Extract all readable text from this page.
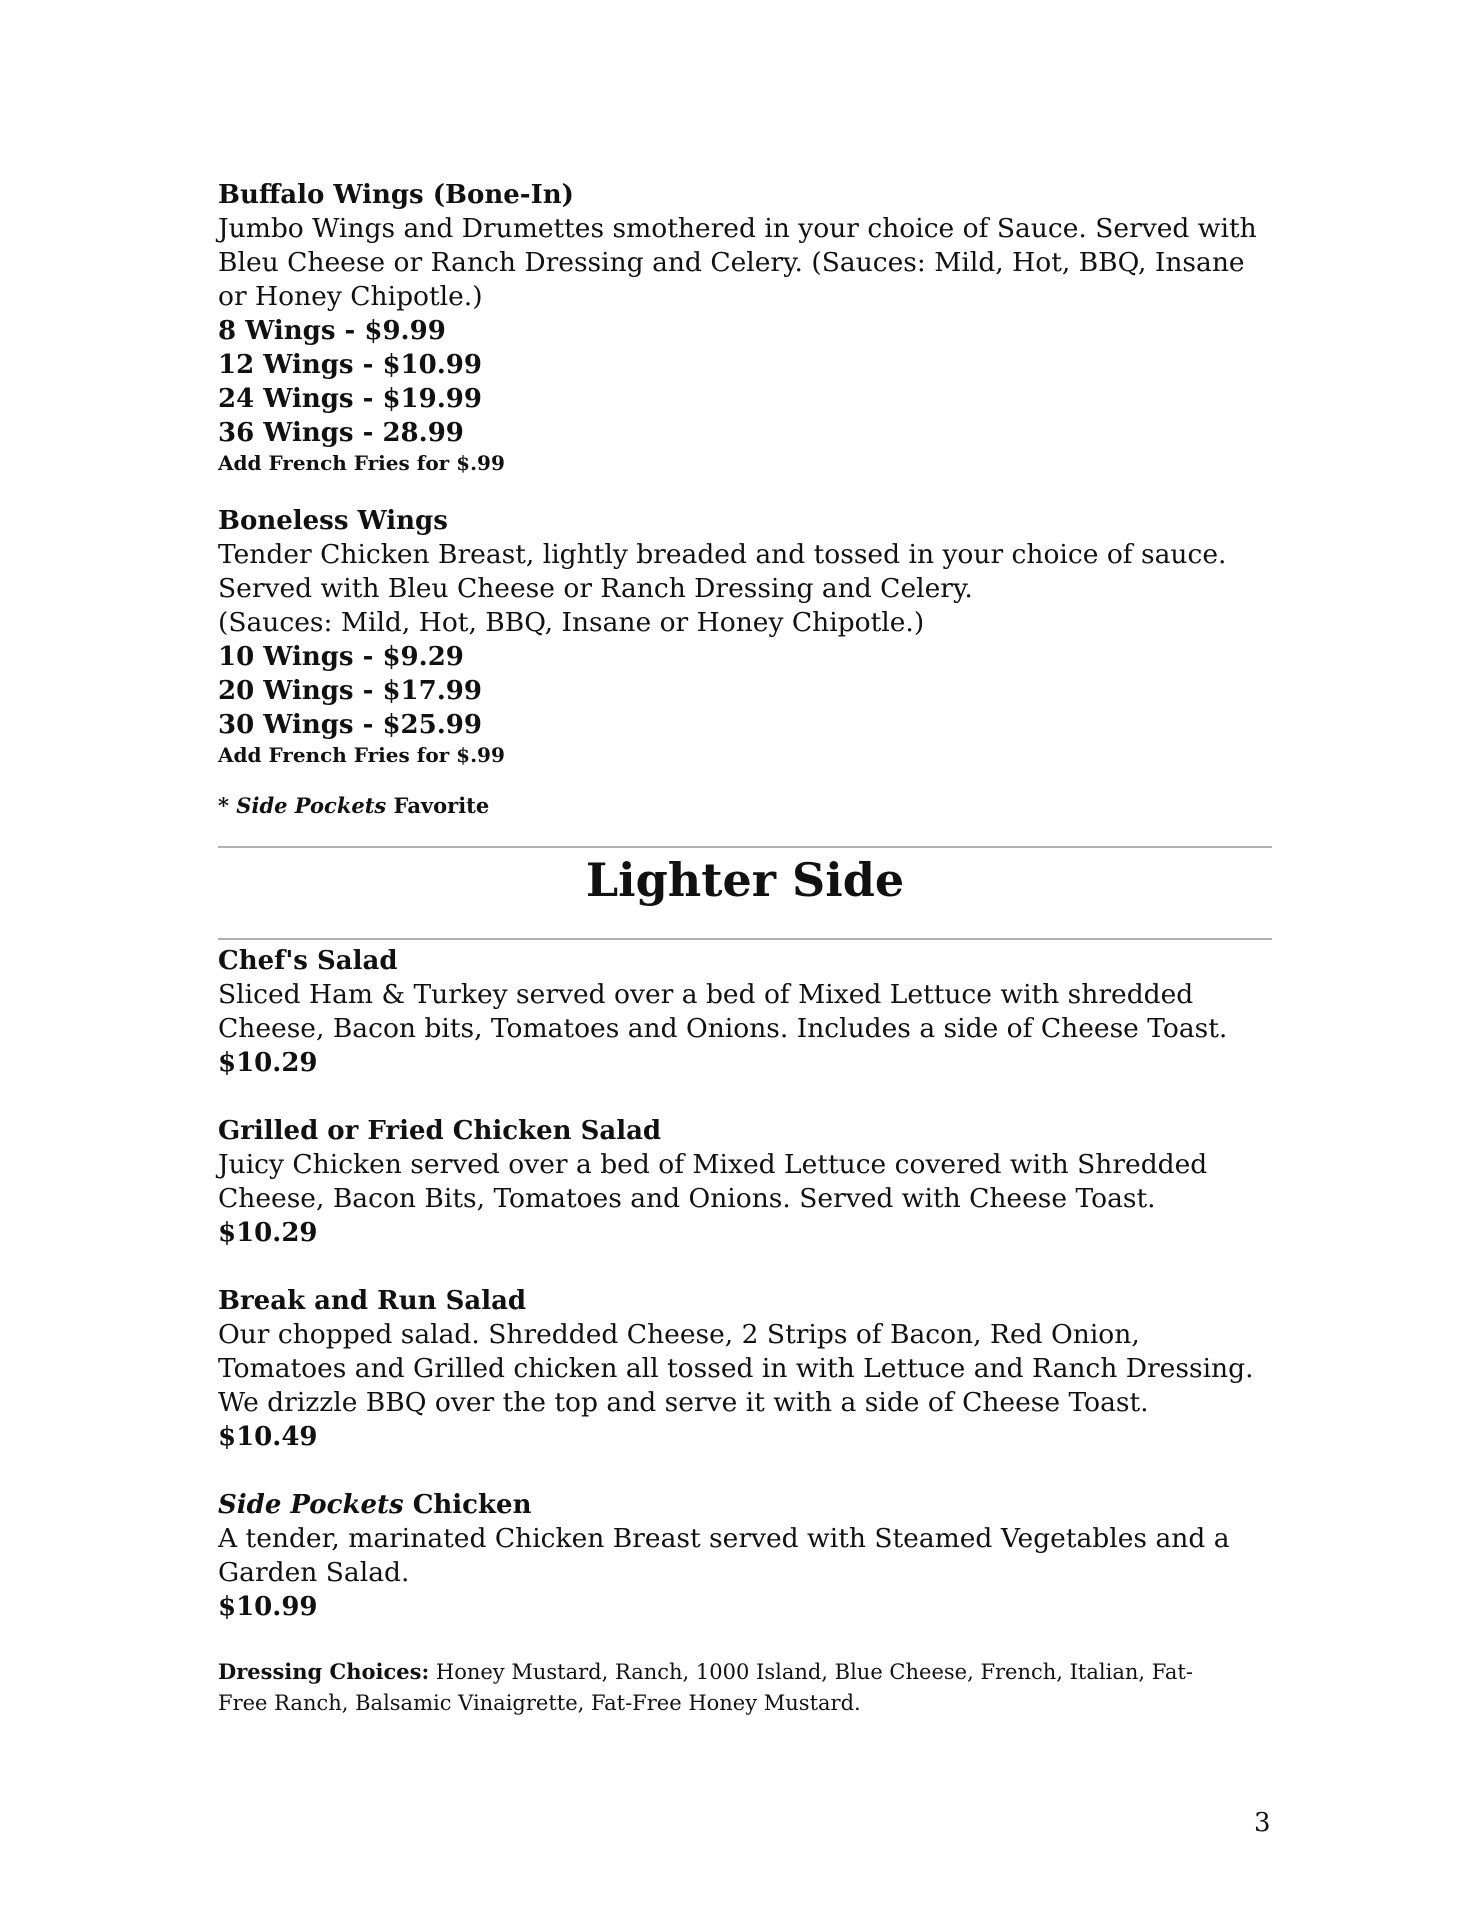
Buffalo Wings (Bone-In)

Jumbo Wings and Drumettes smothered in your choice of Sauce. Served with

Bleu Cheese or Ranch Dressing and Celery. (Sauces: Mild, Hot, BBQ, Insane

or Honey Chipotle.)

8 Wings - $9.99

12 Wings - $10.99

24 Wings - $19.99

36 Wings - 28.99

Add French Fries for $.99

Boneless Wings

Tender Chicken Breast, lightly breaded and tossed in your choice of sauce.

Served with Bleu Cheese or Ranch Dressing and Celery.

(Sauces: Mild, Hot, BBQ, Insane or Honey Chipotle.)

10 Wings - $9.29

20 Wings - $17.99

30 Wings - $25.99

Add French Fries for $.99

* Side Pockets Favorite

Lighter Side

Chef's Salad

Sliced Ham & Turkey served over a bed of Mixed Lettuce with shredded

Cheese, Bacon bits, Tomatoes and Onions. Includes a side of Cheese Toast.

$10.29

Grilled or Fried Chicken Salad

Juicy Chicken served over a bed of Mixed Lettuce covered with Shredded

Cheese, Bacon Bits, Tomatoes and Onions. Served with Cheese Toast.

$10.29

Break and Run Salad

Our chopped salad. Shredded Cheese, 2 Strips of Bacon, Red Onion,

Tomatoes and Grilled chicken all tossed in with Lettuce and Ranch Dressing.

We drizzle BBQ over the top and serve it with a side of Cheese Toast.

$10.49

Side Pockets Chicken

A tender, marinated Chicken Breast served with Steamed Vegetables and a

Garden Salad.

$10.99

Dressing Choices: Honey Mustard, Ranch, 1000 Island, Blue Cheese, French, Italian, Fat-

Free Ranch, Balsamic Vinaigrette, Fat-Free Honey Mustard.

3
